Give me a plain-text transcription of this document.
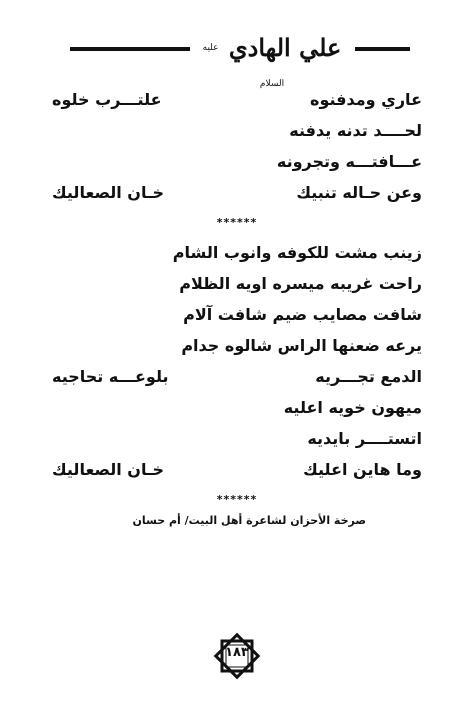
علي الهادي $^{عليه السلام}$
عاري ومدفنوه
علتـــرب خلوه
لحــــد تدنه يدفنه
عـــافتـــه وتجرونه
وعن حـاله تنبيك
خـان الصعاليك
******
زينب مشت للكوفه وانوب الشام
راحت غريبه ميسره اويه الظلام
شافت مصايب ضيم شافت آلام
يرعه ضعنها الراس شالوه جدام
الدمع تجـــريه
بلوعـــه تحاجيه
ميهون خويه اعليه
اتستــــر بايديه
وما هاين اعليك
خـان الصعاليك
******
صرخة الأحزان لشاعرة أهل البيت/ أم حسان
١٨٣
